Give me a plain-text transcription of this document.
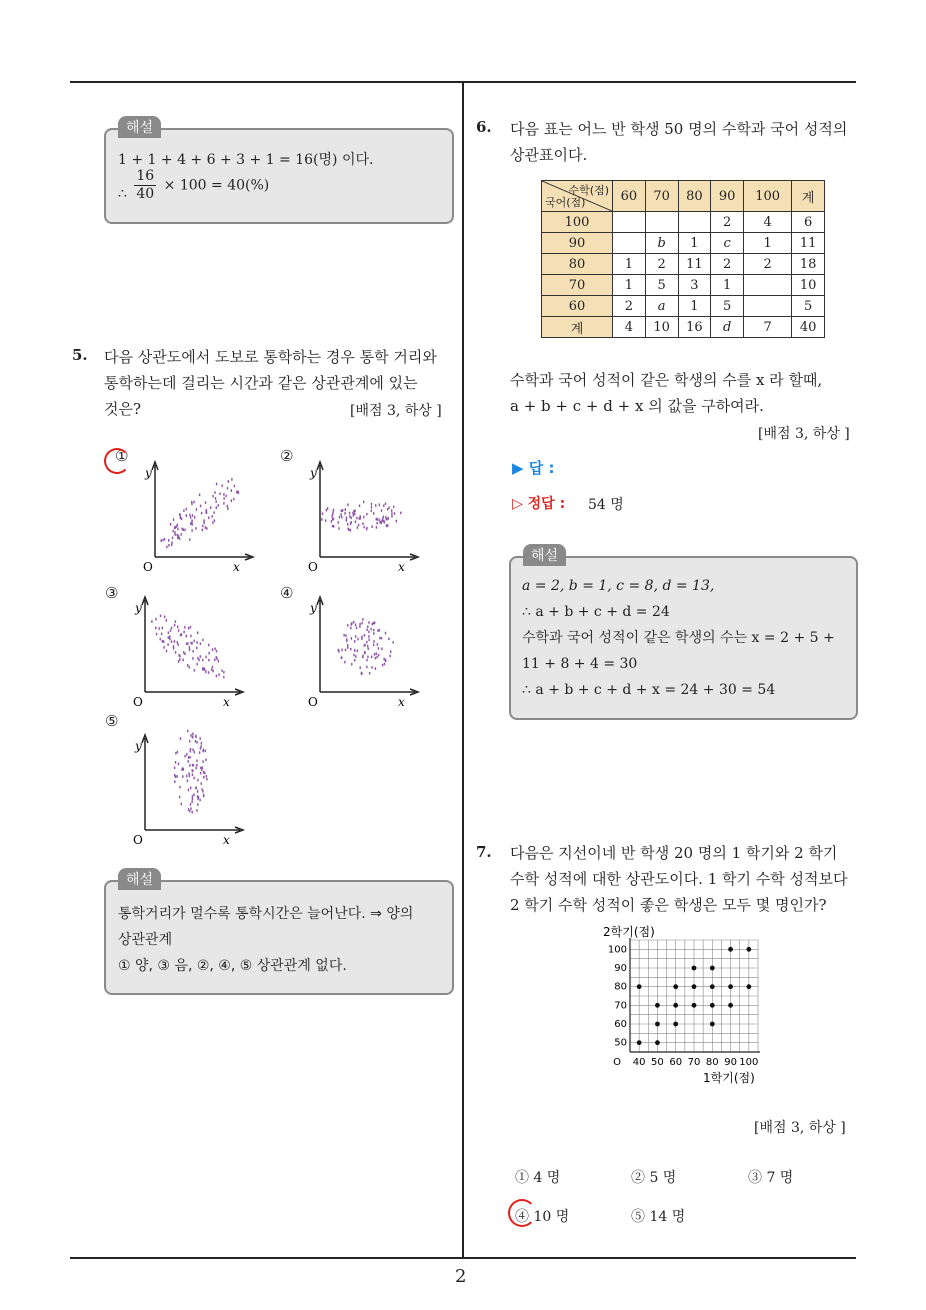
2
해설
1 + 1 + 4 + 6 + 3 + 1 = 16(명) 이다.
∴ $\frac{16}{40} \times 100 = 40(\%)$
5. 다음 상관도에서 도보로 통학하는 경우 통학 거리와
통학하는데 걸리는 시간과 같은 상관관계에 있는
것은?	[배점 3, 하상 ]
①
y
O	x
②
y
O	x
③
y
O	x
④
y
O	x
⑤
y
O	x
해설
통학거리가 멀수록 통학시간은 늘어난다. ⇒ 양의
상관관계
① 양, ③ 음, ②, ④, ⑤ 상관관계 없다.
6. 다음 표는 어느 반 학생 50 명의 수학과 국어 성적의
상관표이다.
수학(점)
국어(점)	60	70	80	90	100	계
100				2	4	6
90		b	1	c	1	11
80	1	2	11	2	2	18
70	1	5	3	1		10
60	2	a	1	5		5
계	4	10	16	d	7	40
수학과 국어 성적이 같은 학생의 수를 x 라 할때,
a + b + c + d + x 의 값을 구하여라.
[배점 3, 하상 ]
▶ 답 :
▷ 정답 : 54 명
해설
a = 2, b = 1, c = 8, d = 13,
∴ a + b + c + d = 24
수학과 국어 성적이 같은 학생의 수는 x = 2 + 5 +
11 + 8 + 4 = 30
∴ a + b + c + d + x = 24 + 30 = 54
7. 다음은 지선이네 반 학생 20 명의 1 학기와 2 학기
수학 성적에 대한 상관도이다. 1 학기 수학 성적보다
2 학기 수학 성적이 좋은 학생은 모두 몇 명인가?
2학기(점)
40 50 60 70 80 90 100
50
60
70
80
90
100
O
1학기(점)
[배점 3, 하상 ]
① 4 명	② 5 명	③ 7 명
④ 10 명	⑤ 14 명
